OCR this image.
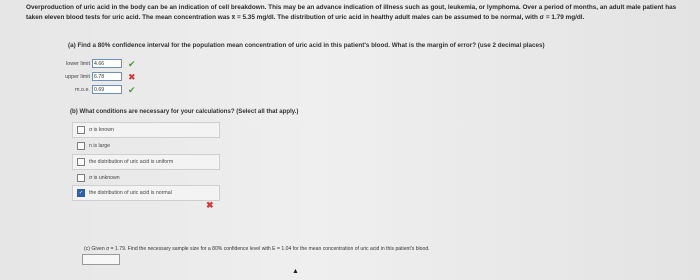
Overproduction of uric acid in the body can be an indication of cell breakdown. This may be an advance indication of illness such as gout, leukemia, or lymphoma. Over a period of months, an adult male patient has taken eleven blood tests for uric acid. The mean concentration was x̄ = 5.35 mg/dl. The distribution of uric acid in healthy adult males can be assumed to be normal, with σ = 1.79 mg/dl.
(a) Find a 80% confidence interval for the population mean concentration of uric acid in this patient's blood. What is the margin of error? (use 2 decimal places)
lower limit
4.66	✔
upper limit
6.78	✖
m.o.e.
0.69	✔
(b) What conditions are necessary for your calculations? (Select all that apply.)
σ is known
n is large
the distribution of uric acid is uniform
σ is unknown
✓	the distribution of uric acid is normal
✖
(c) Given σ = 1.79. Find the necessary sample size for a 80% confidence level with E = 1.04 for the mean concentration of uric acid in this patient's blood.
▲
